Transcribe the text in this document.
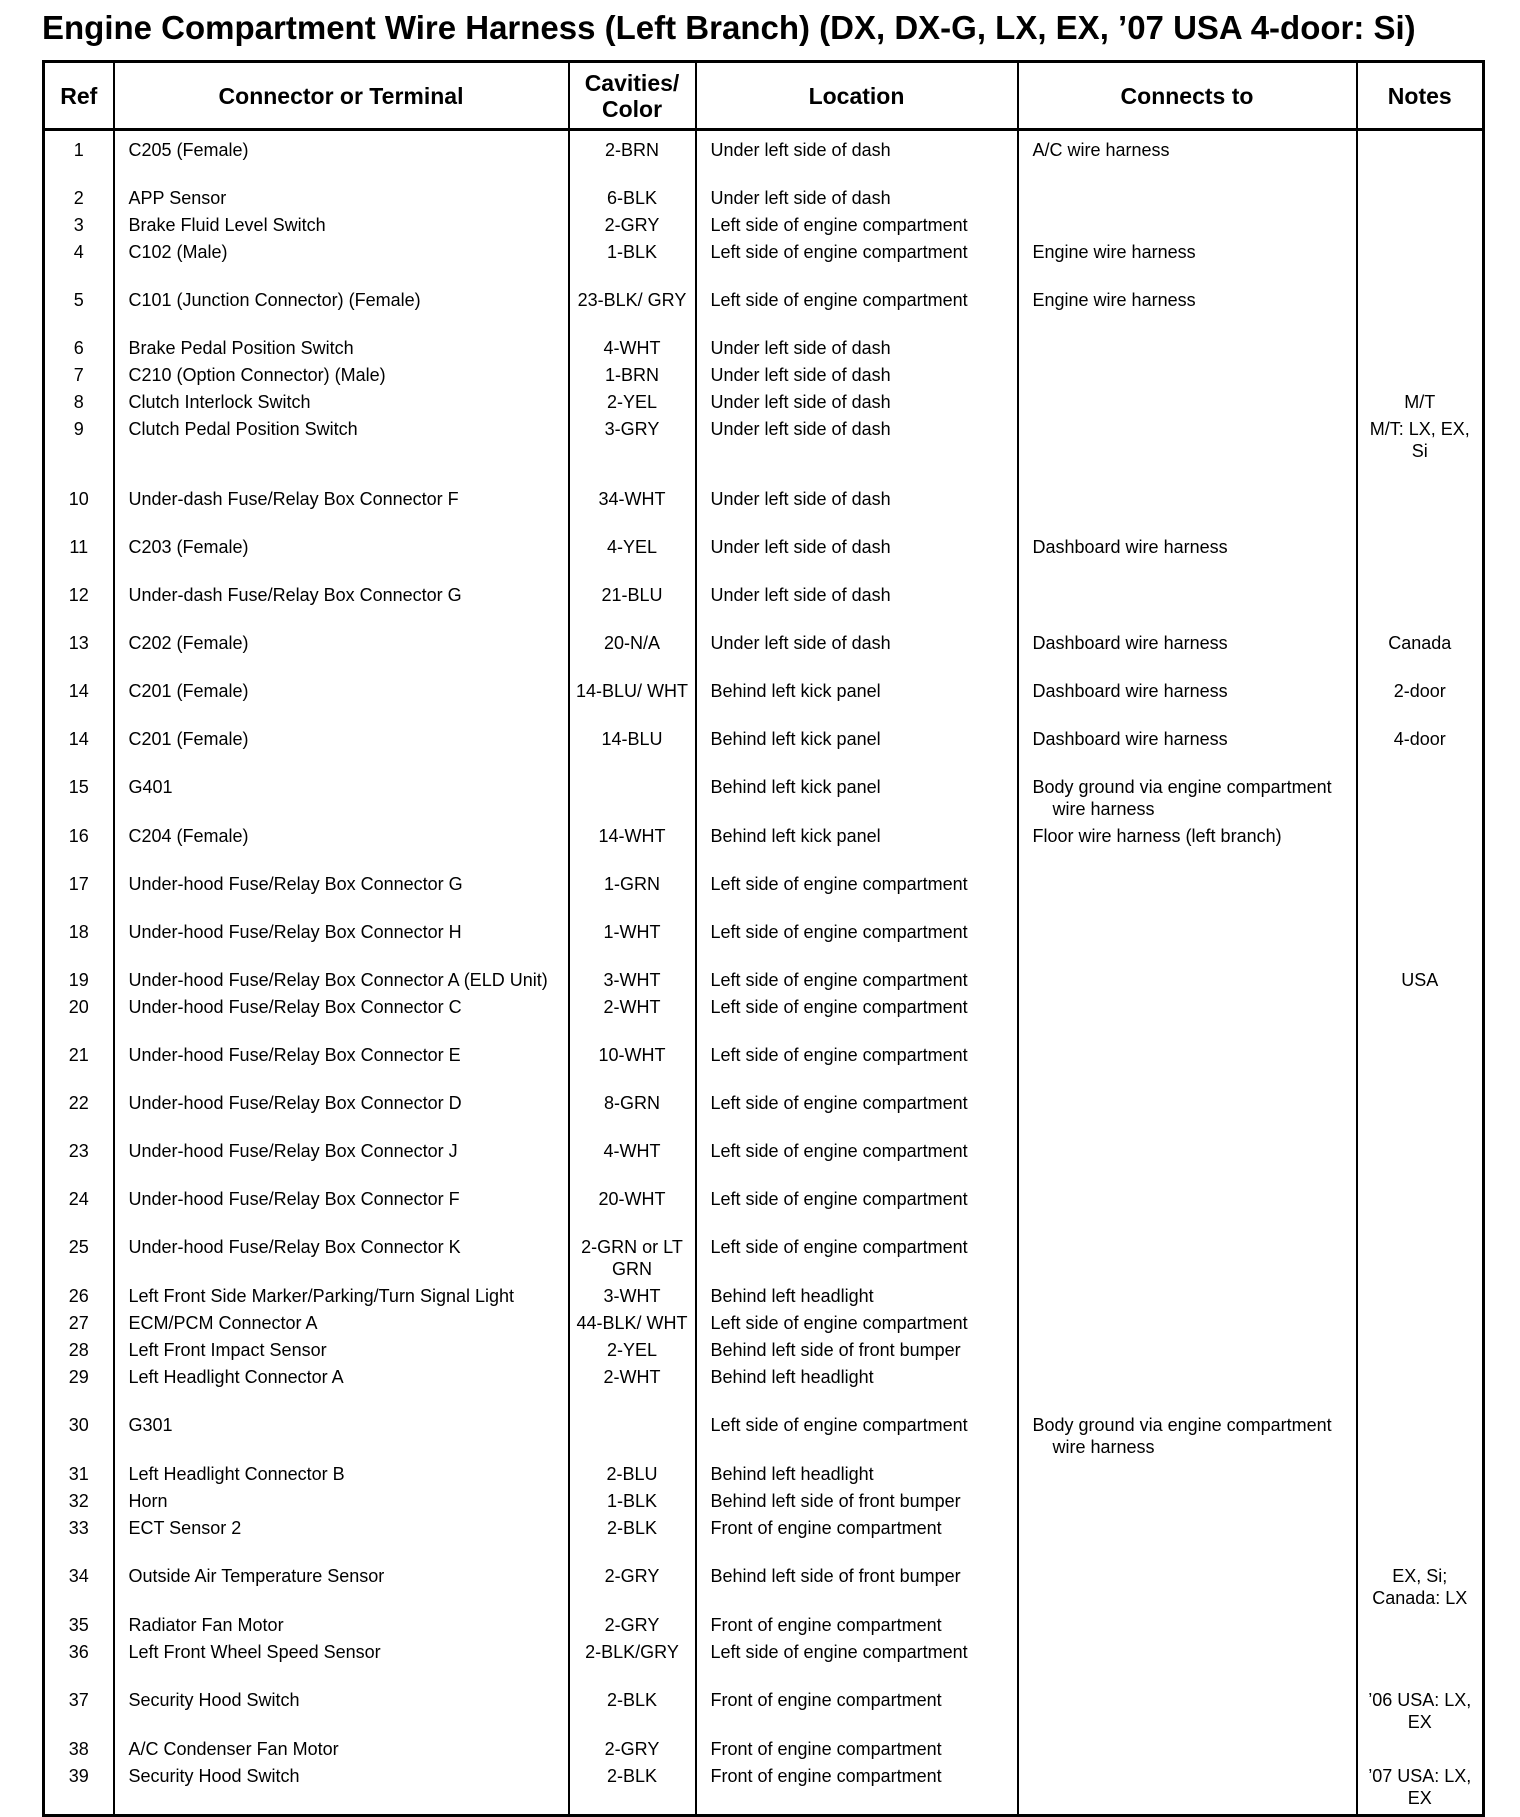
Engine Compartment Wire Harness (Left Branch) (DX, DX-G, LX, EX, ’07 USA 4-door: Si)
Ref	Connector or Terminal	Cavities/ Color	Location	Connects to	Notes
1	C205 (Female)	2-BRN	Under left side of dash	A/C wire harness	

2	APP Sensor	6-BLK	Under left side of dash	

3	Brake Fluid Level Switch	2-GRY	Left side of engine compartment	

4	C102 (Male)	1-BLK	Left side of engine compartment	Engine wire harness	

5	C101 (Junction Connector) (Female)	23-BLK/ GRY	Left side of engine compartment	Engine wire harness	

6	Brake Pedal Position Switch	4-WHT	Under left side of dash	

7	C210 (Option Connector) (Male)	1-BRN	Under left side of dash	

8	Clutch Interlock Switch	2-YEL	Under left side of dash		M/T
9	Clutch Pedal Position Switch	3-GRY	Under left side of dash		M/T: LX, EX, Si
10	Under-dash Fuse/Relay Box Connector F	34-WHT	Under left side of dash	

11	C203 (Female)	4-YEL	Under left side of dash	Dashboard wire harness	

12	Under-dash Fuse/Relay Box Connector G	21-BLU	Under left side of dash	

13	C202 (Female)	20-N/A	Under left side of dash	Dashboard wire harness	Canada
14	C201 (Female)	14-BLU/ WHT	Behind left kick panel	Dashboard wire harness	2-door
14	C201 (Female)	14-BLU	Behind left kick panel	Dashboard wire harness	4-door
15	G401		Behind left kick panel	Body ground via engine compartment wire harness	

16	C204 (Female)	14-WHT	Behind left kick panel	Floor wire harness (left branch)	

17	Under-hood Fuse/Relay Box Connector G	1-GRN	Left side of engine compartment	

18	Under-hood Fuse/Relay Box Connector H	1-WHT	Left side of engine compartment	

19	Under-hood Fuse/Relay Box Connector A (ELD Unit)	3-WHT	Left side of engine compartment		USA
20	Under-hood Fuse/Relay Box Connector C	2-WHT	Left side of engine compartment	

21	Under-hood Fuse/Relay Box Connector E	10-WHT	Left side of engine compartment	

22	Under-hood Fuse/Relay Box Connector D	8-GRN	Left side of engine compartment	

23	Under-hood Fuse/Relay Box Connector J	4-WHT	Left side of engine compartment	

24	Under-hood Fuse/Relay Box Connector F	20-WHT	Left side of engine compartment	

25	Under-hood Fuse/Relay Box Connector K	2-GRN or LT GRN	Left side of engine compartment	

26	Left Front Side Marker/Parking/Turn Signal Light	3-WHT	Behind left headlight	

27	ECM/PCM Connector A	44-BLK/ WHT	Left side of engine compartment	

28	Left Front Impact Sensor	2-YEL	Behind left side of front bumper	

29	Left Headlight Connector A	2-WHT	Behind left headlight	

30	G301		Left side of engine compartment	Body ground via engine compartment wire harness	

31	Left Headlight Connector B	2-BLU	Behind left headlight	

32	Horn	1-BLK	Behind left side of front bumper	

33	ECT Sensor 2	2-BLK	Front of engine compartment	

34	Outside Air Temperature Sensor	2-GRY	Behind left side of front bumper		EX, Si; Canada: LX
35	Radiator Fan Motor	2-GRY	Front of engine compartment	

36	Left Front Wheel Speed Sensor	2-BLK/GRY	Left side of engine compartment	

37	Security Hood Switch	2-BLK	Front of engine compartment		’06 USA: LX, EX
38	A/C Condenser Fan Motor	2-GRY	Front of engine compartment	

39	Security Hood Switch	2-BLK	Front of engine compartment		’07 USA: LX, EX
